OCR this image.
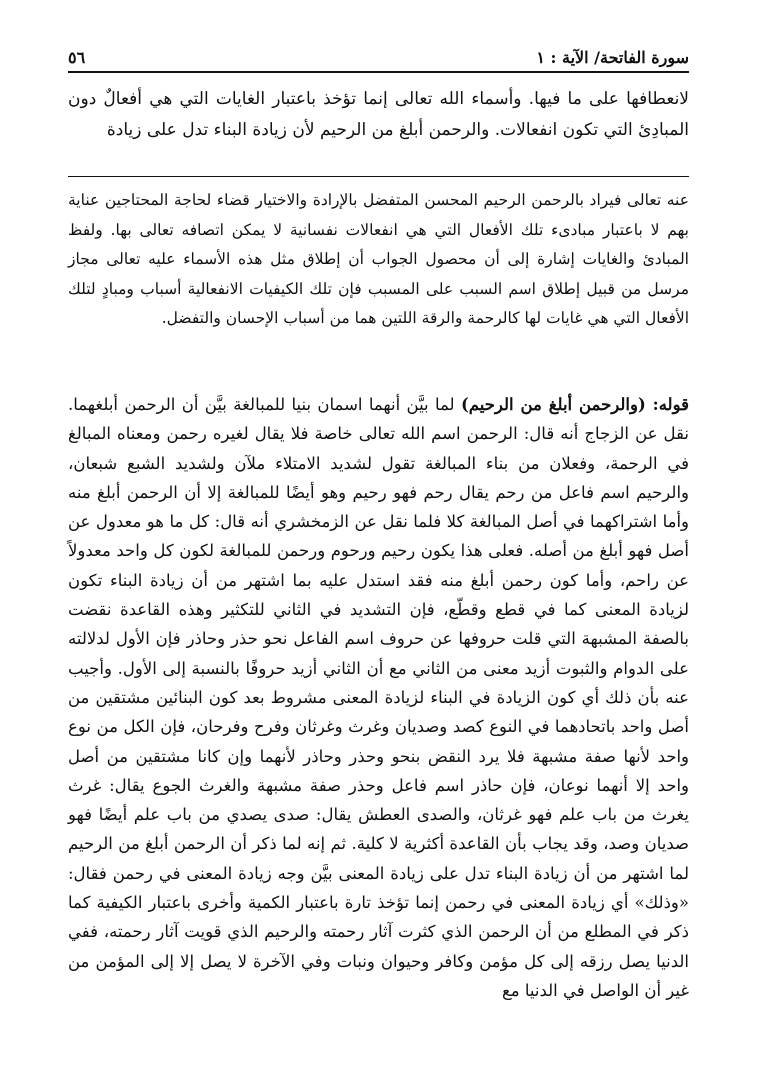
٥٦	سورة الفاتحة/ الآية : ١

لانعطافها على ما فيها. وأسماء الله تعالى إنما تؤخذ باعتبار الغايات التي هي أفعالٌ دون المبادِئ التي تكون انفعالات. والرحمن أبلغ من الرحيم لأن زيادة البناء تدل على زيادة

عنه تعالى فيراد بالرحمن الرحيم المحسن المتفضل بالإرادة والاختيار قضاء لحاجة المحتاجين عناية بهم لا باعتبار مبادىء تلك الأفعال التي هي انفعالات نفسانية لا يمكن اتصافه تعالى بها. ولفظ المبادئ والغايات إشارة إلى أن محصول الجواب أن إطلاق مثل هذه الأسماء عليه تعالى مجاز مرسل من قبيل إطلاق اسم السبب على المسبب فإن تلك الكيفيات الانفعالية أسباب ومبادٍ لتلك الأفعال التي هي غايات لها كالرحمة والرقة اللتين هما من أسباب الإحسان والتفضل.

قوله: (والرحمن أبلغ من الرحيم) لما بيَّن أنهما اسمان بنيا للمبالغة بيَّن أن الرحمن أبلغهما. نقل عن الزجاج أنه قال: الرحمن اسم الله تعالى خاصة فلا يقال لغيره رحمن ومعناه المبالغ في الرحمة، وفعلان من بناء المبالغة تقول لشديد الامتلاء ملآن ولشديد الشبع شبعان، والرحيم اسم فاعل من رحم يقال رحم فهو رحيم وهو أيضًا للمبالغة إلا أن الرحمن أبلغ منه وأما اشتراكهما في أصل المبالغة كلا فلما نقل عن الزمخشري أنه قال: كل ما هو معدول عن أصل فهو أبلغ من أصله. فعلى هذا يكون رحيم ورحوم ورحمن للمبالغة لكون كل واحد معدولاً عن راحم، وأما كون رحمن أبلغ منه فقد استدل عليه بما اشتهر من أن زيادة البناء تكون لزيادة المعنى كما في قطع وقطّع، فإن التشديد في الثاني للتكثير وهذه القاعدة نقضت بالصفة المشبهة التي قلت حروفها عن حروف اسم الفاعل نحو حذر وحاذر فإن الأول لدلالته على الدوام والثبوت أزيد معنى من الثاني مع أن الثاني أزيد حروفًا بالنسبة إلى الأول. وأجيب عنه بأن ذلك أي كون الزيادة في البناء لزيادة المعنى مشروط بعد كون البنائين مشتقين من أصل واحد باتحادهما في النوع كصد وصديان وغرث وغرثان وفرح وفرحان، فإن الكل من نوع واحد لأنها صفة مشبهة فلا يرد النقض بنحو وحذر وحاذر لأنهما وإن كانا مشتقين من أصل واحد إلا أنهما نوعان، فإن حاذر اسم فاعل وحذر صفة مشبهة والغرث الجوع يقال: غرث يغرث من باب علم فهو غرثان، والصدى العطش يقال: صدى يصدي من باب علم أيضًا فهو صديان وصد، وقد يجاب بأن القاعدة أكثرية لا كلية. ثم إنه لما ذكر أن الرحمن أبلغ من الرحيم لما اشتهر من أن زيادة البناء تدل على زيادة المعنى بيَّن وجه زيادة المعنى في رحمن فقال: «وذلك» أي زيادة المعنى في رحمن إنما تؤخذ تارة باعتبار الكمية وأخرى باعتبار الكيفية كما ذكر في المطلع من أن الرحمن الذي كثرت آثار رحمته والرحيم الذي قويت آثار رحمته، ففي الدنيا يصل رزقه إلى كل مؤمن وكافر وحيوان ونبات وفي الآخرة لا يصل إلا إلى المؤمن من غير أن الواصل في الدنيا مع
